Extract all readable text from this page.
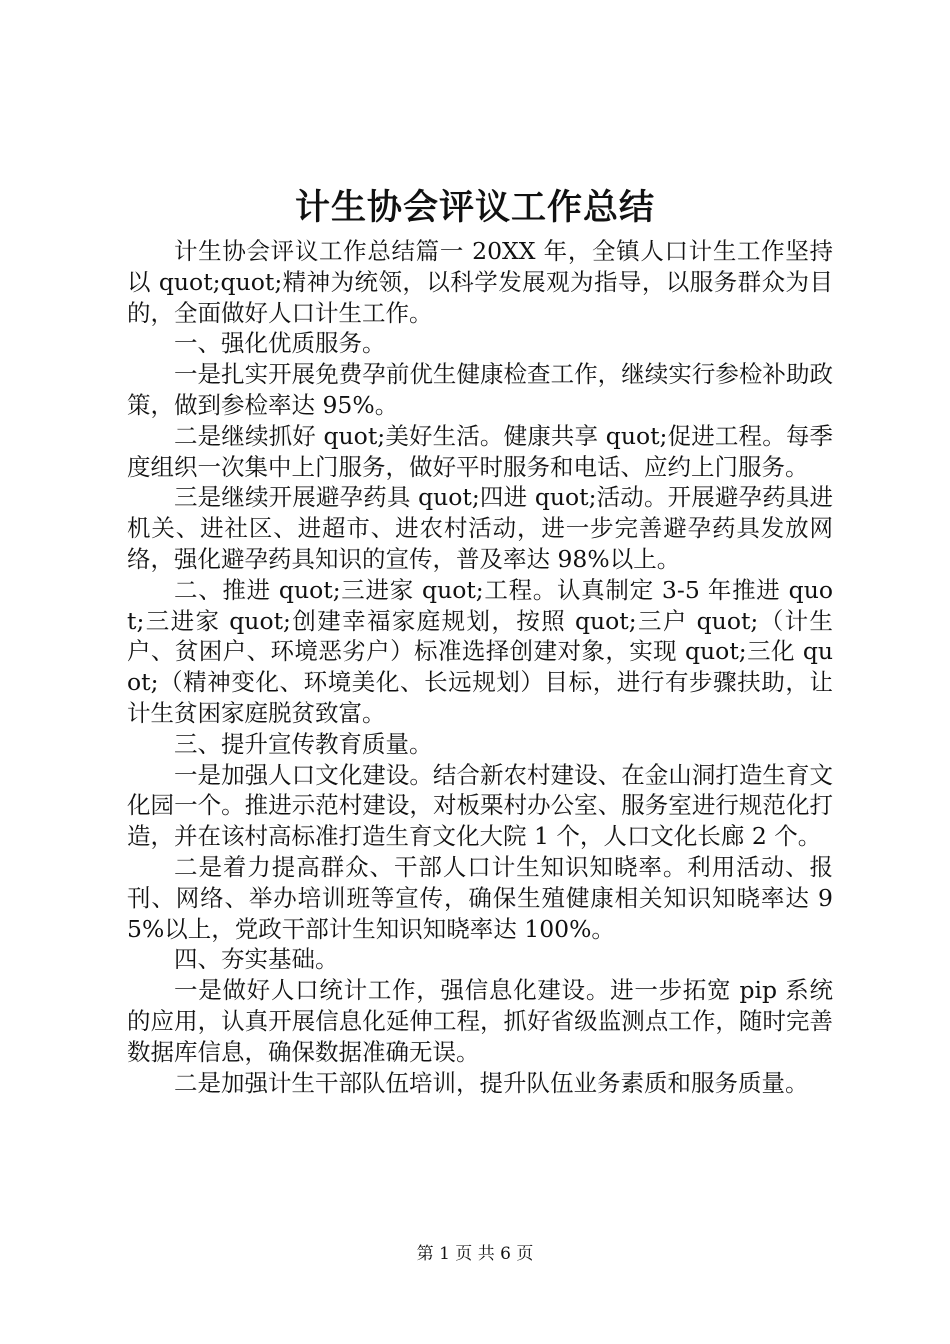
计生协会评议工作总结

计生协会评议工作总结篇一 20XX 年，全镇人口计生工作坚持以 quot;quot;精神为统领，以科学发展观为指导，以服务群众为目的，全面做好人口计生工作。

一、强化优质服务。

一是扎实开展免费孕前优生健康检查工作，继续实行参检补助政策，做到参检率达 95%。

二是继续抓好 quot;美好生活。健康共享 quot;促进工程。每季度组织一次集中上门服务，做好平时服务和电话、应约上门服务。

三是继续开展避孕药具 quot;四进 quot;活动。开展避孕药具进机关、进社区、进超市、进农村活动，进一步完善避孕药具发放网络，强化避孕药具知识的宣传，普及率达 98%以上。

二、推进 quot;三进家 quot;工程。认真制定 3-5 年推进 quot;三进家 quot;创建幸福家庭规划，按照 quot;三户 quot;（计生户、贫困户、环境恶劣户）标准选择创建对象，实现 quot;三化 quot;（精神变化、环境美化、长远规划）目标，进行有步骤扶助，让计生贫困家庭脱贫致富。

三、提升宣传教育质量。

一是加强人口文化建设。结合新农村建设、在金山洞打造生育文化园一个。推进示范村建设，对板栗村办公室、服务室进行规范化打造，并在该村高标准打造生育文化大院 1 个，人口文化长廊 2 个。

二是着力提高群众、干部人口计生知识知晓率。利用活动、报刊、网络、举办培训班等宣传，确保生殖健康相关知识知晓率达 95%以上，党政干部计生知识知晓率达 100%。

四、夯实基础。

一是做好人口统计工作，强信息化建设。进一步拓宽 pip 系统的应用，认真开展信息化延伸工程，抓好省级监测点工作，随时完善数据库信息，确保数据准确无误。

二是加强计生干部队伍培训，提升队伍业务素质和服务质量。

第 1 页 共 6 页
